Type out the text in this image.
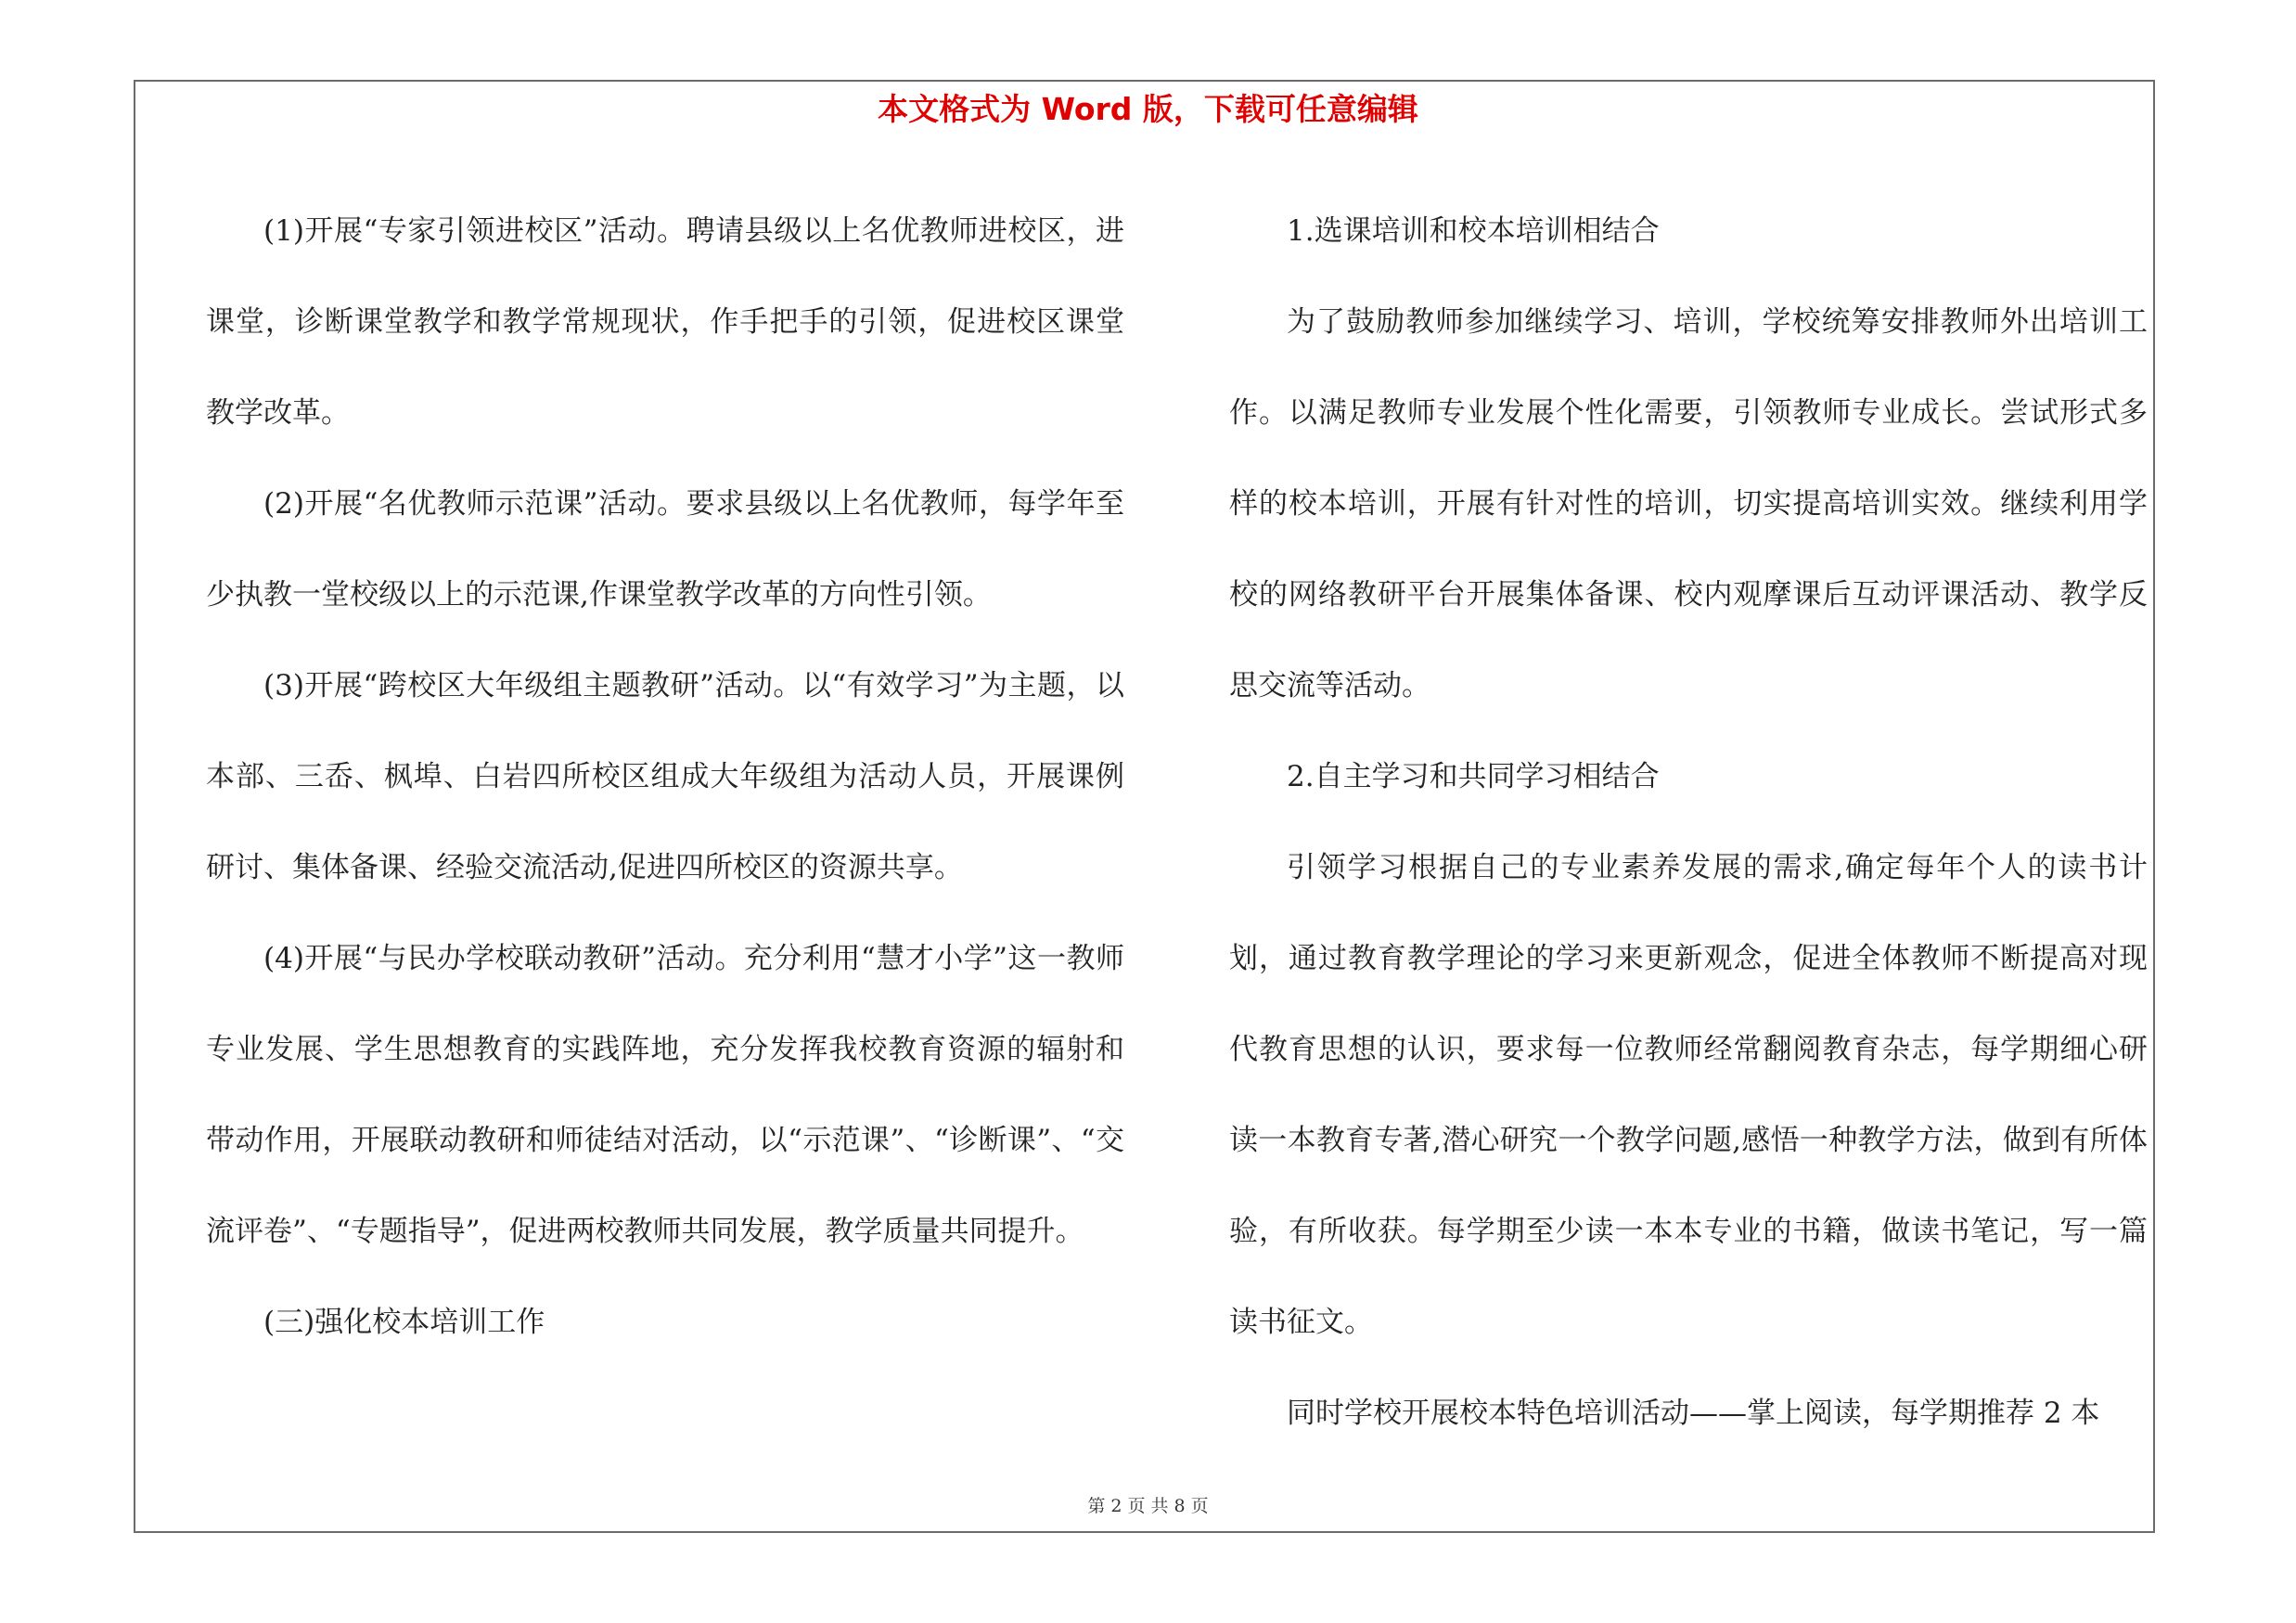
本文格式为 Word 版，下载可任意编辑

(1)开展“专家引领进校区”活动。聘请县级以上名优教师进校区，进课堂，诊断课堂教学和教学常规现状，作手把手的引领，促进校区课堂教学改革。

(2)开展“名优教师示范课”活动。要求县级以上名优教师，每学年至少执教一堂校级以上的示范课,作课堂教学改革的方向性引领。

(3)开展“跨校区大年级组主题教研”活动。以“有效学习”为主题，以本部、三岙、枫埠、白岩四所校区组成大年级组为活动人员，开展课例研讨、集体备课、经验交流活动,促进四所校区的资源共享。

(4)开展“与民办学校联动教研”活动。充分利用“慧才小学”这一教师专业发展、学生思想教育的实践阵地，充分发挥我校教育资源的辐射和带动作用，开展联动教研和师徒结对活动，以“示范课”、“诊断课”、“交流评卷”、“专题指导”，促进两校教师共同发展，教学质量共同提升。

(三)强化校本培训工作

1.选课培训和校本培训相结合

为了鼓励教师参加继续学习、培训，学校统筹安排教师外出培训工作。以满足教师专业发展个性化需要，引领教师专业成长。尝试形式多样的校本培训，开展有针对性的培训，切实提高培训实效。继续利用学校的网络教研平台开展集体备课、校内观摩课后互动评课活动、教学反思交流等活动。

2.自主学习和共同学习相结合

引领学习根据自己的专业素养发展的需求,确定每年个人的读书计划，通过教育教学理论的学习来更新观念，促进全体教师不断提高对现代教育思想的认识，要求每一位教师经常翻阅教育杂志，每学期细心研读一本教育专著,潜心研究一个教学问题,感悟一种教学方法，做到有所体验，有所收获。每学期至少读一本本专业的书籍，做读书笔记，写一篇读书征文。

同时学校开展校本特色培训活动——掌上阅读，每学期推荐 2 本

第 2 页 共 8 页
